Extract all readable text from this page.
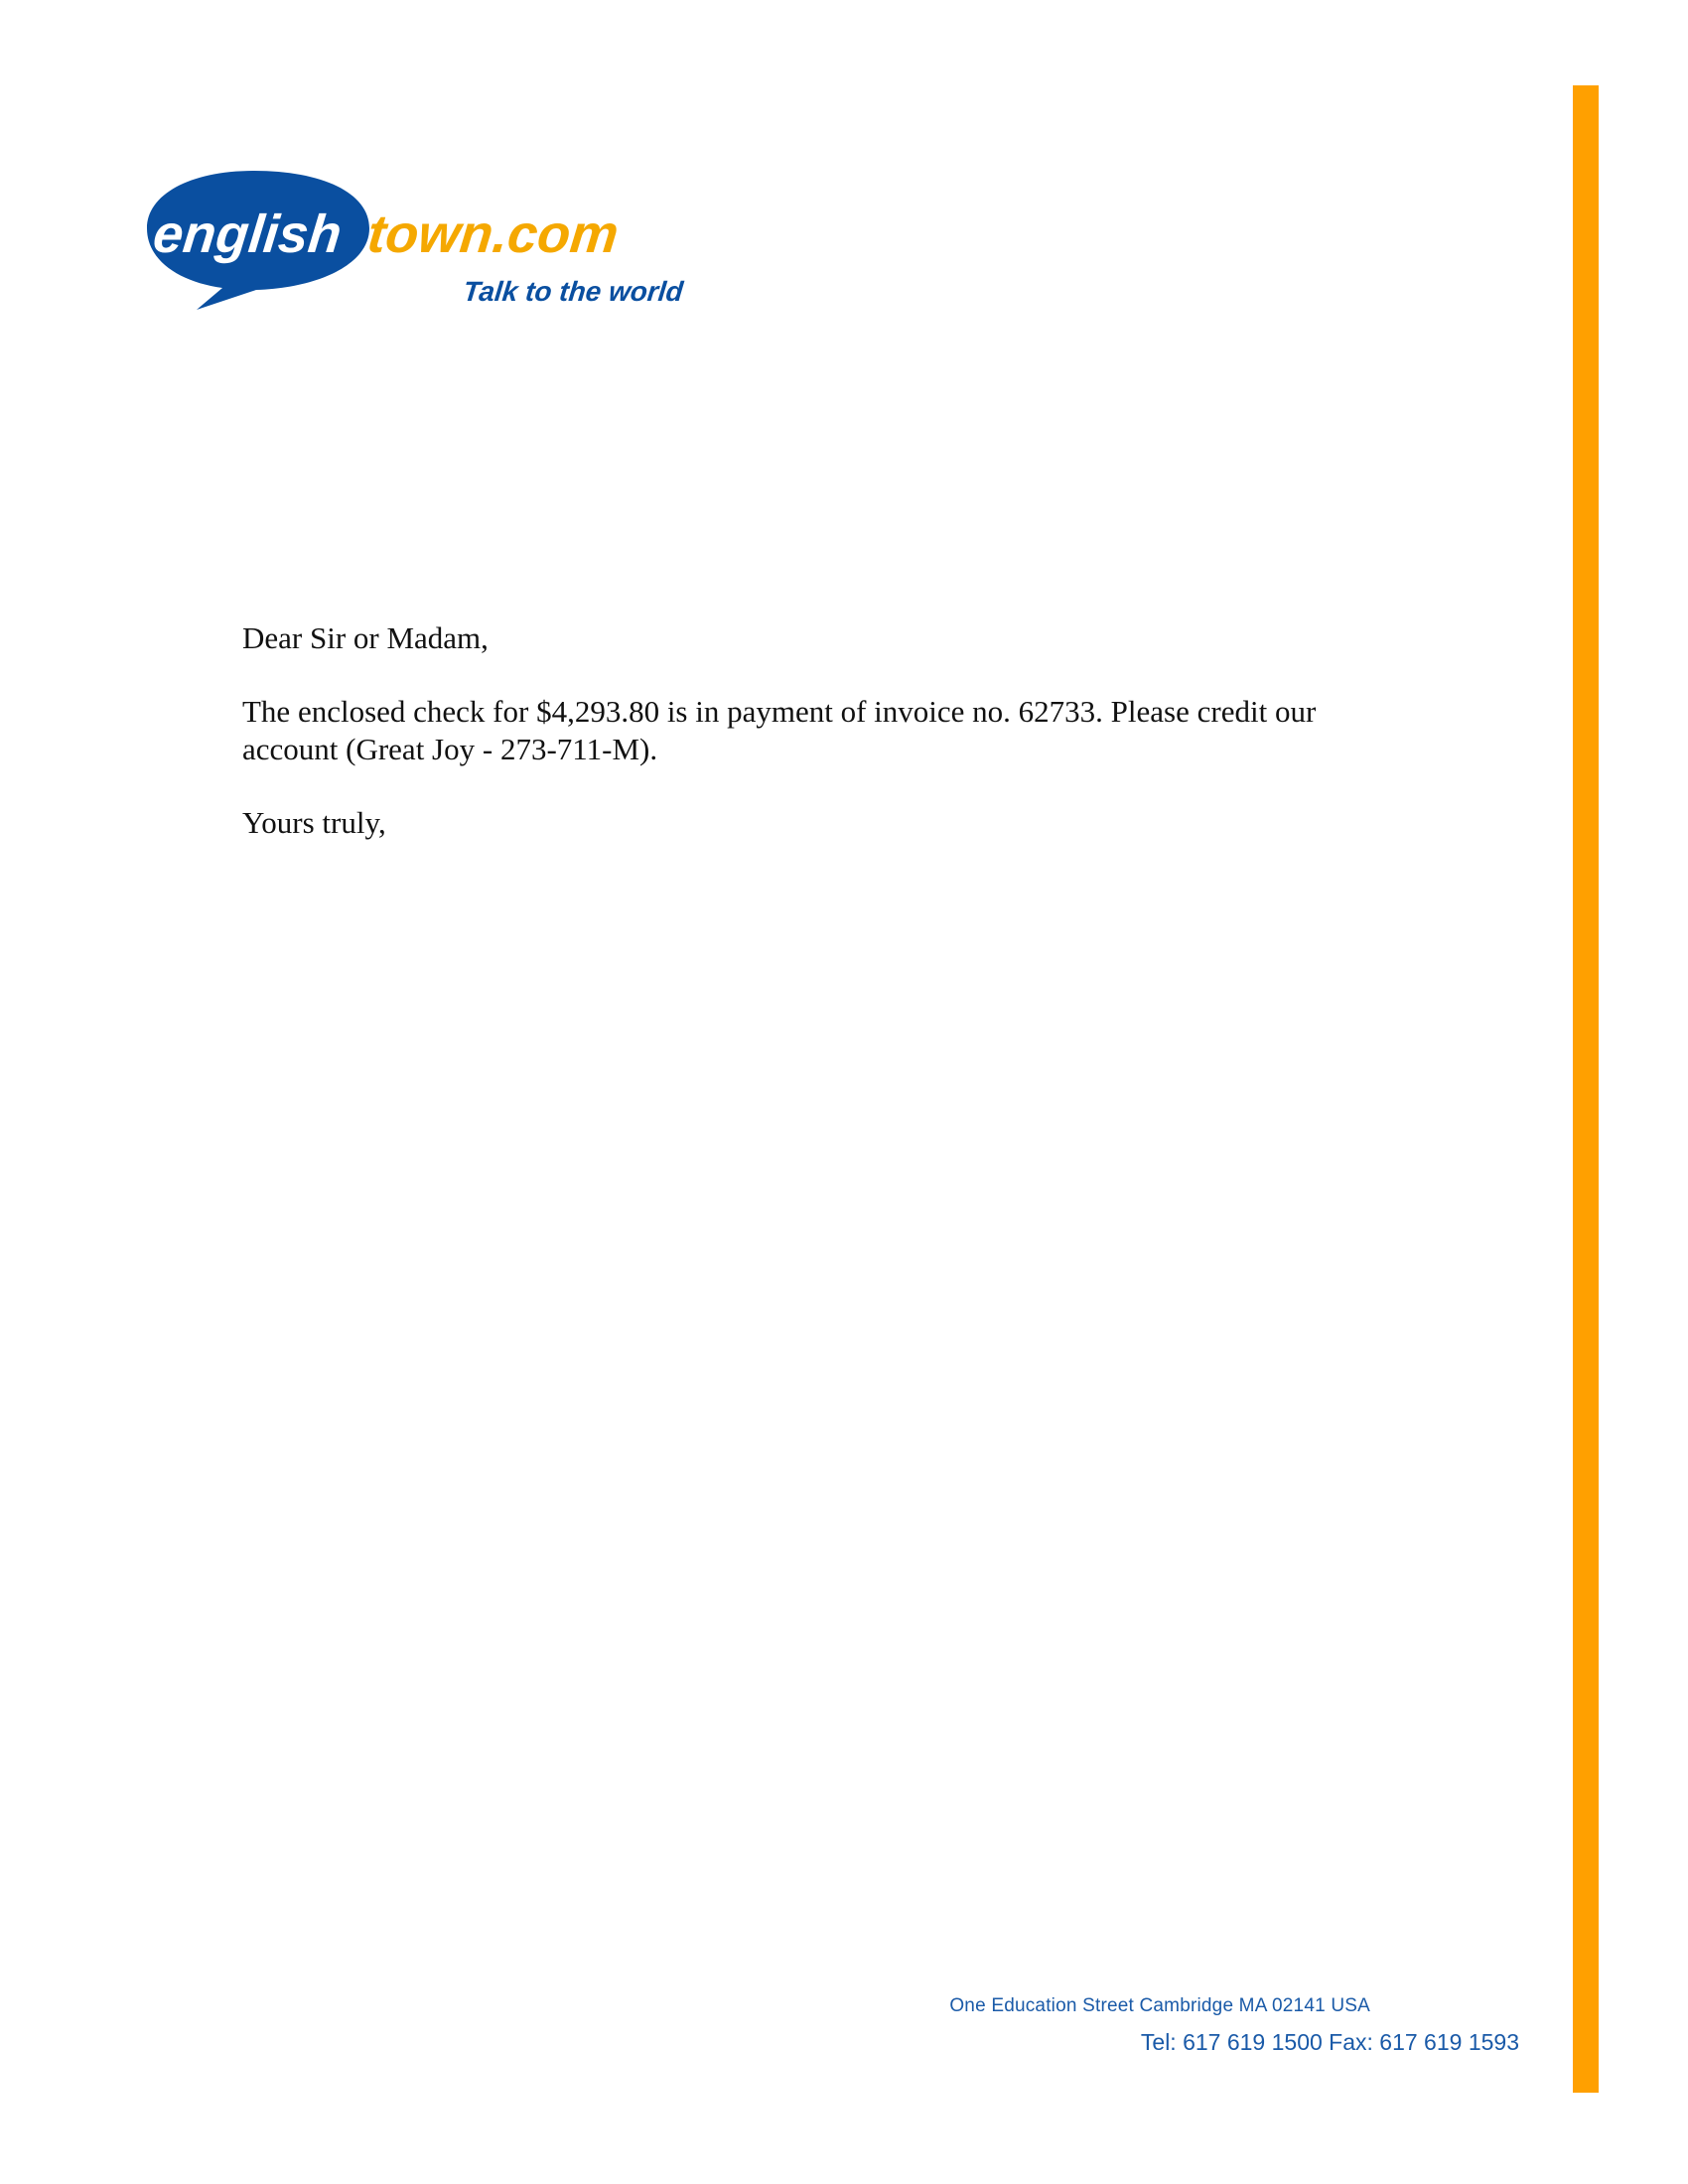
english town.com
Talk to the world

Dear Sir or Madam,

The enclosed check for $4,293.80 is in payment of invoice no. 62733. Please credit our account (Great Joy - 273-711-M).

Yours truly,

One Education Street Cambridge MA 02141 USA
Tel: 617 619 1500 Fax: 617 619 1593
